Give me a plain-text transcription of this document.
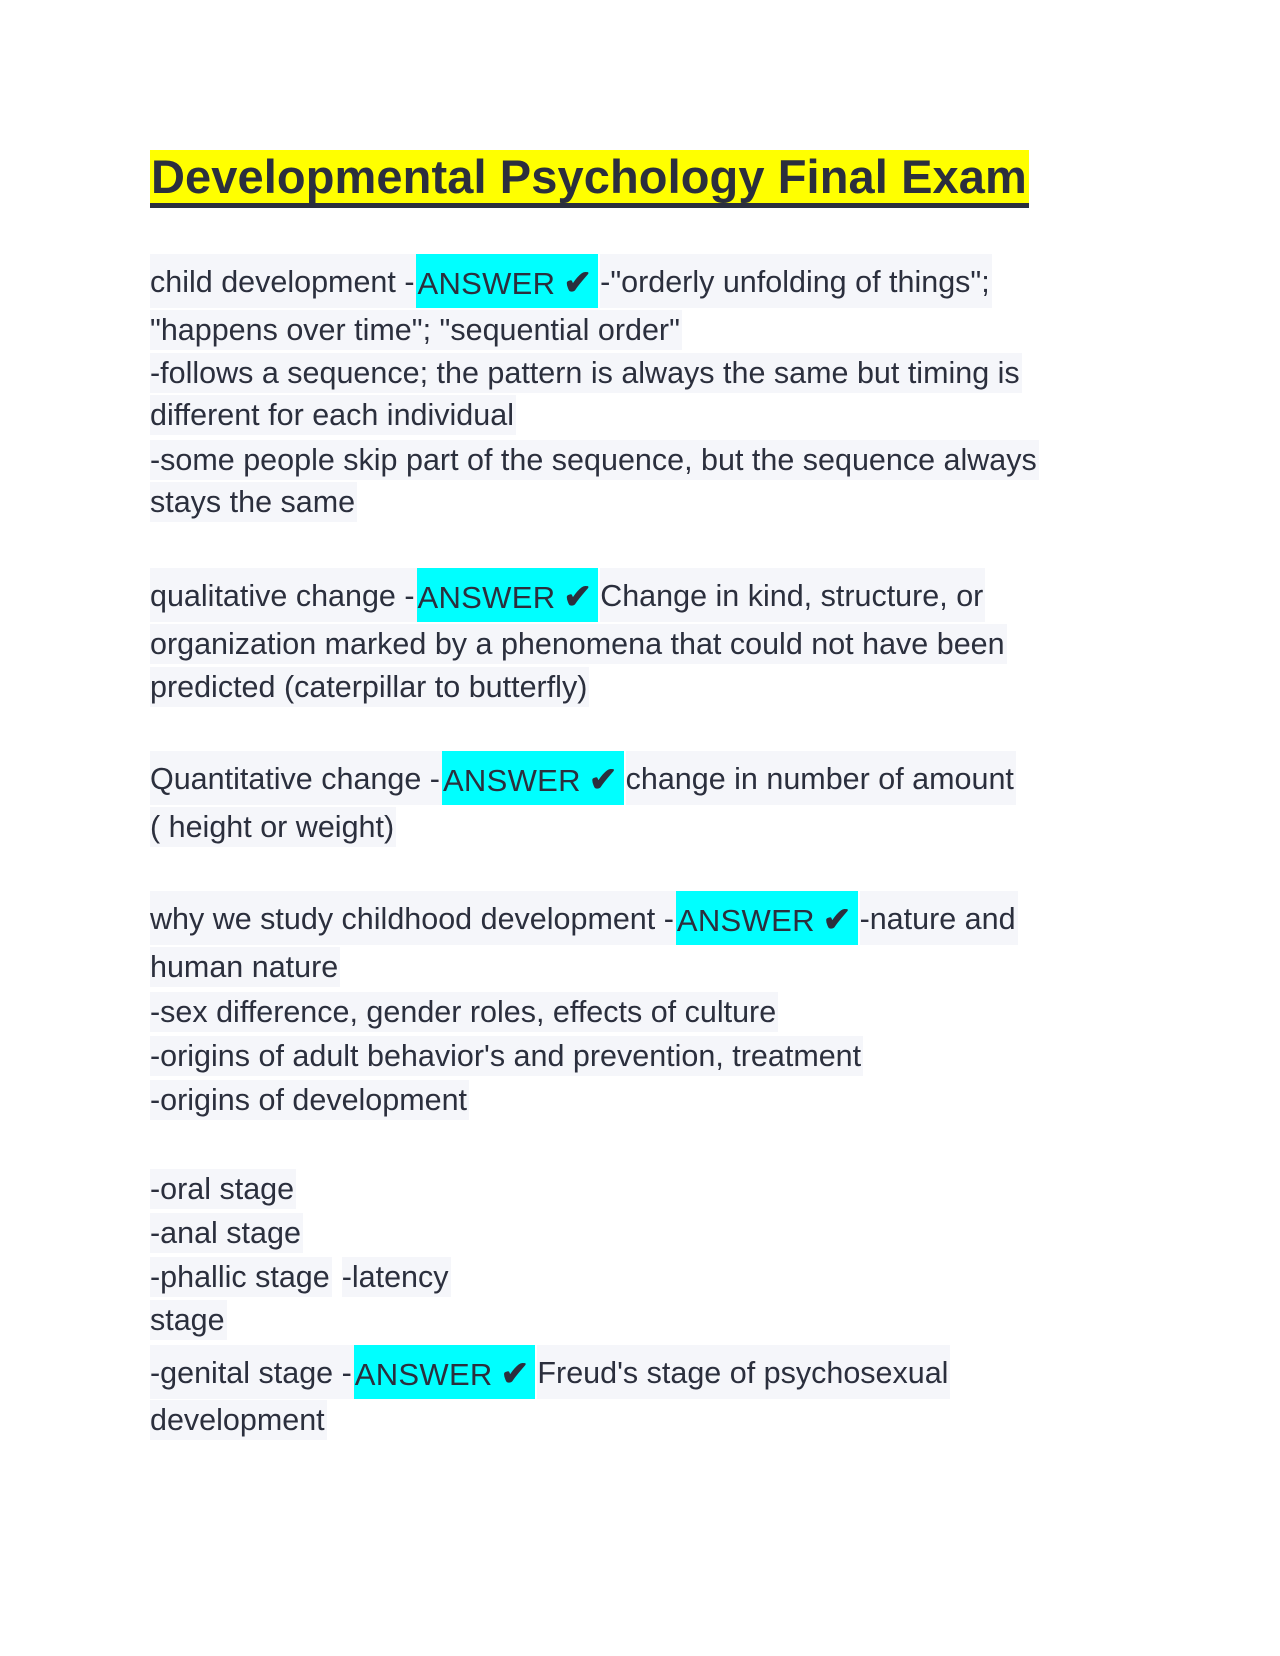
Developmental Psychology Final Exam
child development -ANSWER ✔-"orderly unfolding of things";
"happens over time"; "sequential order"
-follows a sequence; the pattern is always the same but timing is
different for each individual
-some people skip part of the sequence, but the sequence always
stays the same
qualitative change -ANSWER ✔Change in kind, structure, or
organization marked by a phenomena that could not have been
predicted (caterpillar to butterfly)
Quantitative change -ANSWER ✔change in number of amount
( height or weight)
why we study childhood development -ANSWER ✔-nature and
human nature
-sex difference, gender roles, effects of culture
-origins of adult behavior's and prevention, treatment
-origins of development
-oral stage
-anal stage
-phallic stage -latency
stage
-genital stage -ANSWER ✔Freud's stage of psychosexual
development
